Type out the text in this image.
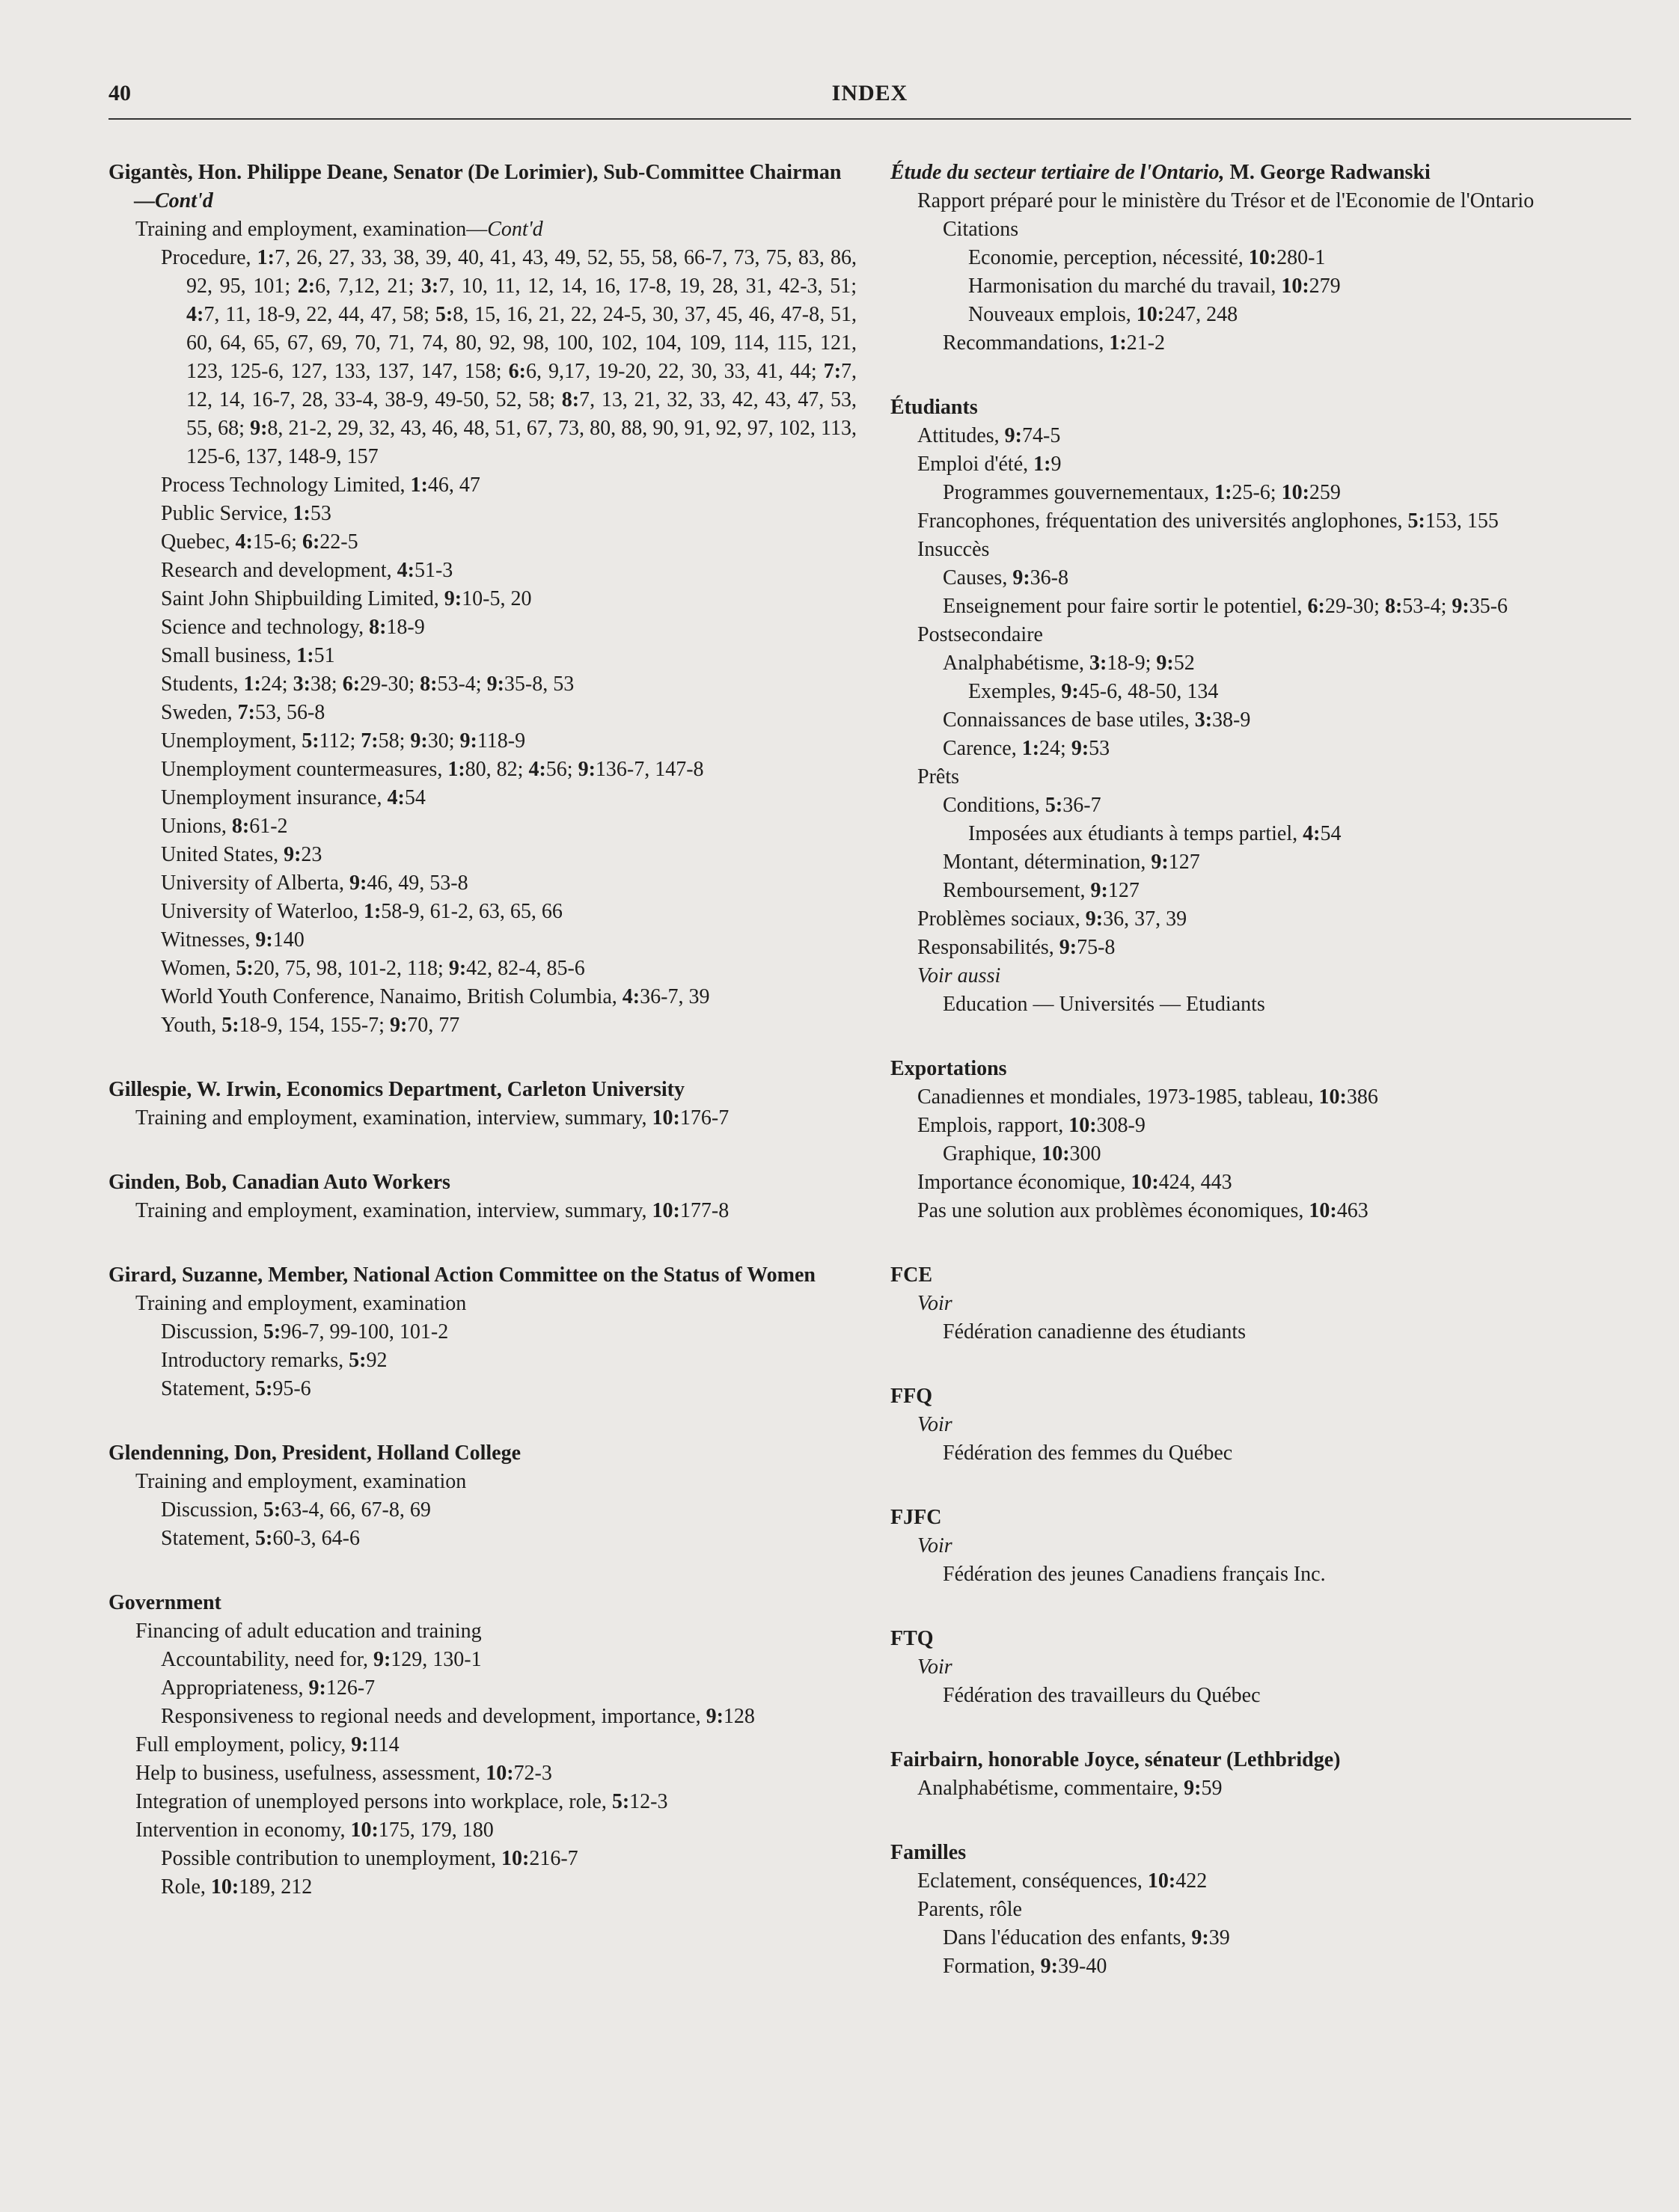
40	INDEX
Gigantès, Hon. Philippe Deane, Senator (De Lorimier), Sub-Committee Chairman—Cont'd
Training and employment, examination—Cont'd
Procedure, 1:7, 26, 27, 33, 38, 39, 40, 41, 43, 49, 52, 55, 58, 66-7, 73, 75, 83, 86, 92, 95, 101; 2:6, 7,12, 21; 3:7, 10, 11, 12, 14, 16, 17-8, 19, 28, 31, 42-3, 51; 4:7, 11, 18-9, 22, 44, 47, 58; 5:8, 15, 16, 21, 22, 24-5, 30, 37, 45, 46, 47-8, 51, 60, 64, 65, 67, 69, 70, 71, 74, 80, 92, 98, 100, 102, 104, 109, 114, 115, 121, 123, 125-6, 127, 133, 137, 147, 158; 6:6, 9,17, 19-20, 22, 30, 33, 41, 44; 7:7, 12, 14, 16-7, 28, 33-4, 38-9, 49-50, 52, 58; 8:7, 13, 21, 32, 33, 42, 43, 47, 53, 55, 68; 9:8, 21-2, 29, 32, 43, 46, 48, 51, 67, 73, 80, 88, 90, 91, 92, 97, 102, 113, 125-6, 137, 148-9, 157
Process Technology Limited, 1:46, 47
Public Service, 1:53
Quebec, 4:15-6; 6:22-5
Research and development, 4:51-3
Saint John Shipbuilding Limited, 9:10-5, 20
Science and technology, 8:18-9
Small business, 1:51
Students, 1:24; 3:38; 6:29-30; 8:53-4; 9:35-8, 53
Sweden, 7:53, 56-8
Unemployment, 5:112; 7:58; 9:30; 9:118-9
Unemployment countermeasures, 1:80, 82; 4:56; 9:136-7, 147-8
Unemployment insurance, 4:54
Unions, 8:61-2
United States, 9:23
University of Alberta, 9:46, 49, 53-8
University of Waterloo, 1:58-9, 61-2, 63, 65, 66
Witnesses, 9:140
Women, 5:20, 75, 98, 101-2, 118; 9:42, 82-4, 85-6
World Youth Conference, Nanaimo, British Columbia, 4:36-7, 39
Youth, 5:18-9, 154, 155-7; 9:70, 77
Gillespie, W. Irwin, Economics Department, Carleton University
Training and employment, examination, interview, summary, 10:176-7
Ginden, Bob, Canadian Auto Workers
Training and employment, examination, interview, summary, 10:177-8
Girard, Suzanne, Member, National Action Committee on the Status of Women
Training and employment, examination
Discussion, 5:96-7, 99-100, 101-2
Introductory remarks, 5:92
Statement, 5:95-6
Glendenning, Don, President, Holland College
Training and employment, examination
Discussion, 5:63-4, 66, 67-8, 69
Statement, 5:60-3, 64-6
Government
Financing of adult education and training
Accountability, need for, 9:129, 130-1
Appropriateness, 9:126-7
Responsiveness to regional needs and development, importance, 9:128
Full employment, policy, 9:114
Help to business, usefulness, assessment, 10:72-3
Integration of unemployed persons into workplace, role, 5:12-3
Intervention in economy, 10:175, 179, 180
Possible contribution to unemployment, 10:216-7
Role, 10:189, 212
Étude du secteur tertiaire de l'Ontario, M. George Radwanski
Rapport préparé pour le ministère du Trésor et de l'Economie de l'Ontario
Citations
Economie, perception, nécessité, 10:280-1
Harmonisation du marché du travail, 10:279
Nouveaux emplois, 10:247, 248
Recommandations, 1:21-2
Étudiants
Attitudes, 9:74-5
Emploi d'été, 1:9
Programmes gouvernementaux, 1:25-6; 10:259
Francophones, fréquentation des universités anglophones, 5:153, 155
Insuccès
Causes, 9:36-8
Enseignement pour faire sortir le potentiel, 6:29-30; 8:53-4; 9:35-6
Postsecondaire
Analphabétisme, 3:18-9; 9:52
Exemples, 9:45-6, 48-50, 134
Connaissances de base utiles, 3:38-9
Carence, 1:24; 9:53
Prêts
Conditions, 5:36-7
Imposées aux étudiants à temps partiel, 4:54
Montant, détermination, 9:127
Remboursement, 9:127
Problèmes sociaux, 9:36, 37, 39
Responsabilités, 9:75-8
Voir aussi
Education — Universités — Etudiants
Exportations
Canadiennes et mondiales, 1973-1985, tableau, 10:386
Emplois, rapport, 10:308-9
Graphique, 10:300
Importance économique, 10:424, 443
Pas une solution aux problèmes économiques, 10:463
FCE
Voir
Fédération canadienne des étudiants
FFQ
Voir
Fédération des femmes du Québec
FJFC
Voir
Fédération des jeunes Canadiens français Inc.
FTQ
Voir
Fédération des travailleurs du Québec
Fairbairn, honorable Joyce, sénateur (Lethbridge)
Analphabétisme, commentaire, 9:59
Familles
Eclatement, conséquences, 10:422
Parents, rôle
Dans l'éducation des enfants, 9:39
Formation, 9:39-40
